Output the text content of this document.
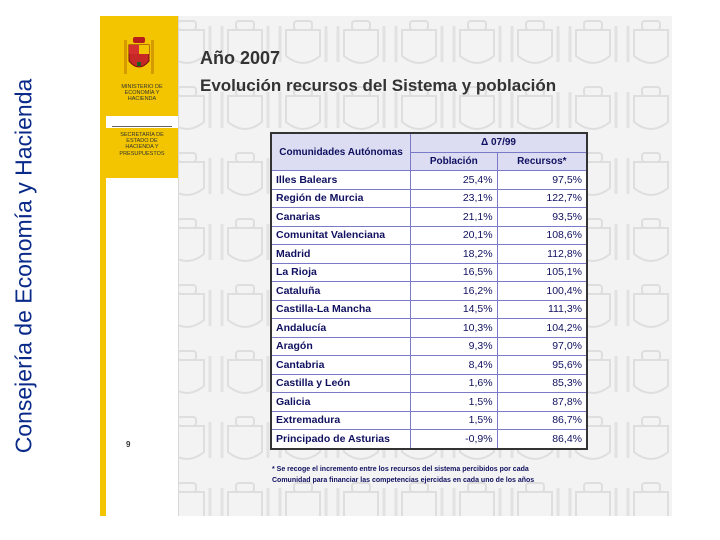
Consejería de Economía y Hacienda	MINISTERIO DE ECONOMÍA Y HACIENDA
SECRETARÍA DE ESTADO DE HACIENDA Y PRESUPUESTOS
9
Año 2007
Evolución recursos del Sistema y población
Comunidades Autónomas	Δ 07/99	
	Población	Recursos*
Illes Balears	25,4%	97,5%
Región de Murcia	23,1%	122,7%
Canarias	21,1%	93,5%
Comunitat Valenciana	20,1%	108,6%
Madrid	18,2%	112,8%
La Rioja	16,5%	105,1%
Cataluña	16,2%	100,4%
Castilla-La Mancha	14,5%	111,3%
Andalucía	10,3%	104,2%
Aragón	9,3%	97,0%
Cantabria	8,4%	95,6%
Castilla y León	1,6%	85,3%
Galicia	1,5%	87,8%
Extremadura	1,5%	86,7%
Principado de Asturias	-0,9%	86,4%
* Se recoge el incremento entre los recursos del sistema percibidos por cada
Comunidad para financiar las competencias ejercidas en cada uno de los años
